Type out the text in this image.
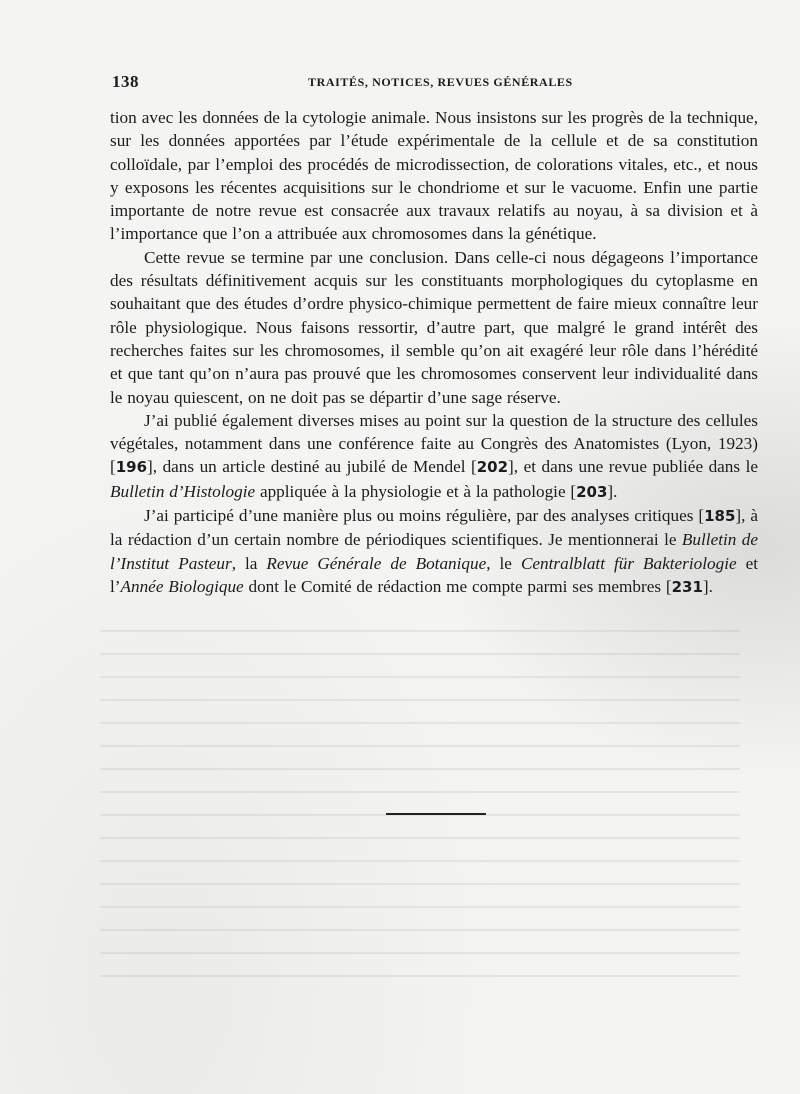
138	TRAITÉS, NOTICES, REVUES GÉNÉRALES

tion avec les données de la cytologie animale. Nous insistons sur les progrès de la technique, sur les données apportées par l’étude expérimentale de la cellule et de sa constitution colloïdale, par l’emploi des procédés de microdissection, de colorations vitales, etc., et nous y exposons les récentes acquisitions sur le chondriome et sur le vacuome. Enfin une partie importante de notre revue est consacrée aux travaux relatifs au noyau, à sa division et à l’importance que l’on a attribuée aux chromosomes dans la génétique.

Cette revue se termine par une conclusion. Dans celle-ci nous dégageons l’importance des résultats définitivement acquis sur les constituants morphologiques du cytoplasme en souhaitant que des études d’ordre physico-chimique permettent de faire mieux connaître leur rôle physiologique. Nous faisons ressortir, d’autre part, que malgré le grand intérêt des recherches faites sur les chromosomes, il semble qu’on ait exagéré leur rôle dans l’hérédité et que tant qu’on n’aura pas prouvé que les chromosomes conservent leur individualité dans le noyau quiescent, on ne doit pas se départir d’une sage réserve.

J’ai publié également diverses mises au point sur la question de la structure des cellules végétales, notamment dans une conférence faite au Congrès des Anatomistes (Lyon, 1923) [196], dans un article destiné au jubilé de Mendel [202], et dans une revue publiée dans le Bulletin d’Histologie appliquée à la physiologie et à la pathologie [203].

J’ai participé d’une manière plus ou moins régulière, par des analyses critiques [185], à la rédaction d’un certain nombre de périodiques scientifiques. Je mentionnerai le Bulletin de l’Institut Pasteur, la Revue Générale de Botanique, le Centralblatt für Bakteriologie et l’Année Biologique dont le Comité de rédaction me compte parmi ses membres [231].
